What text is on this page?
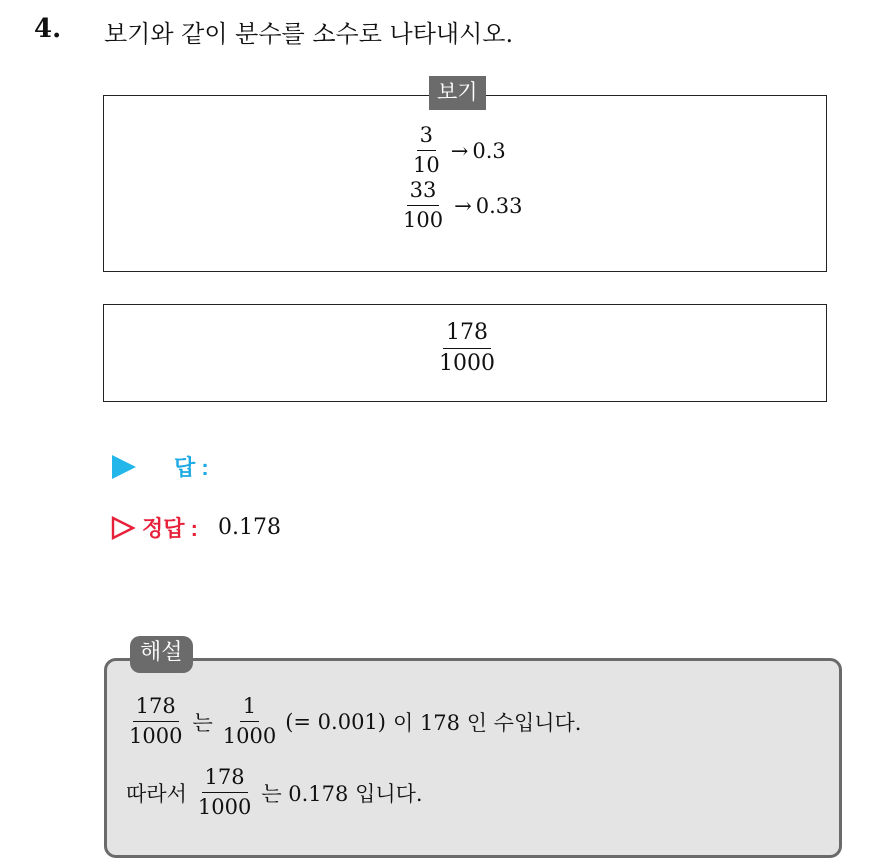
4. 보기와 같이 분수를 소수로 나타내시오.
보기
$\frac{3}{10} \to 0.3$
$\frac{33}{100} \to 0.33$
$\frac{178}{1000}$
답 :
정답 : 0.178
해설
$\frac{178}{1000}$ 는 $\frac{1}{1000}$ (= 0.001) 이 178 인 수입니다.
따라서 $\frac{178}{1000}$ 는 0.178 입니다.
